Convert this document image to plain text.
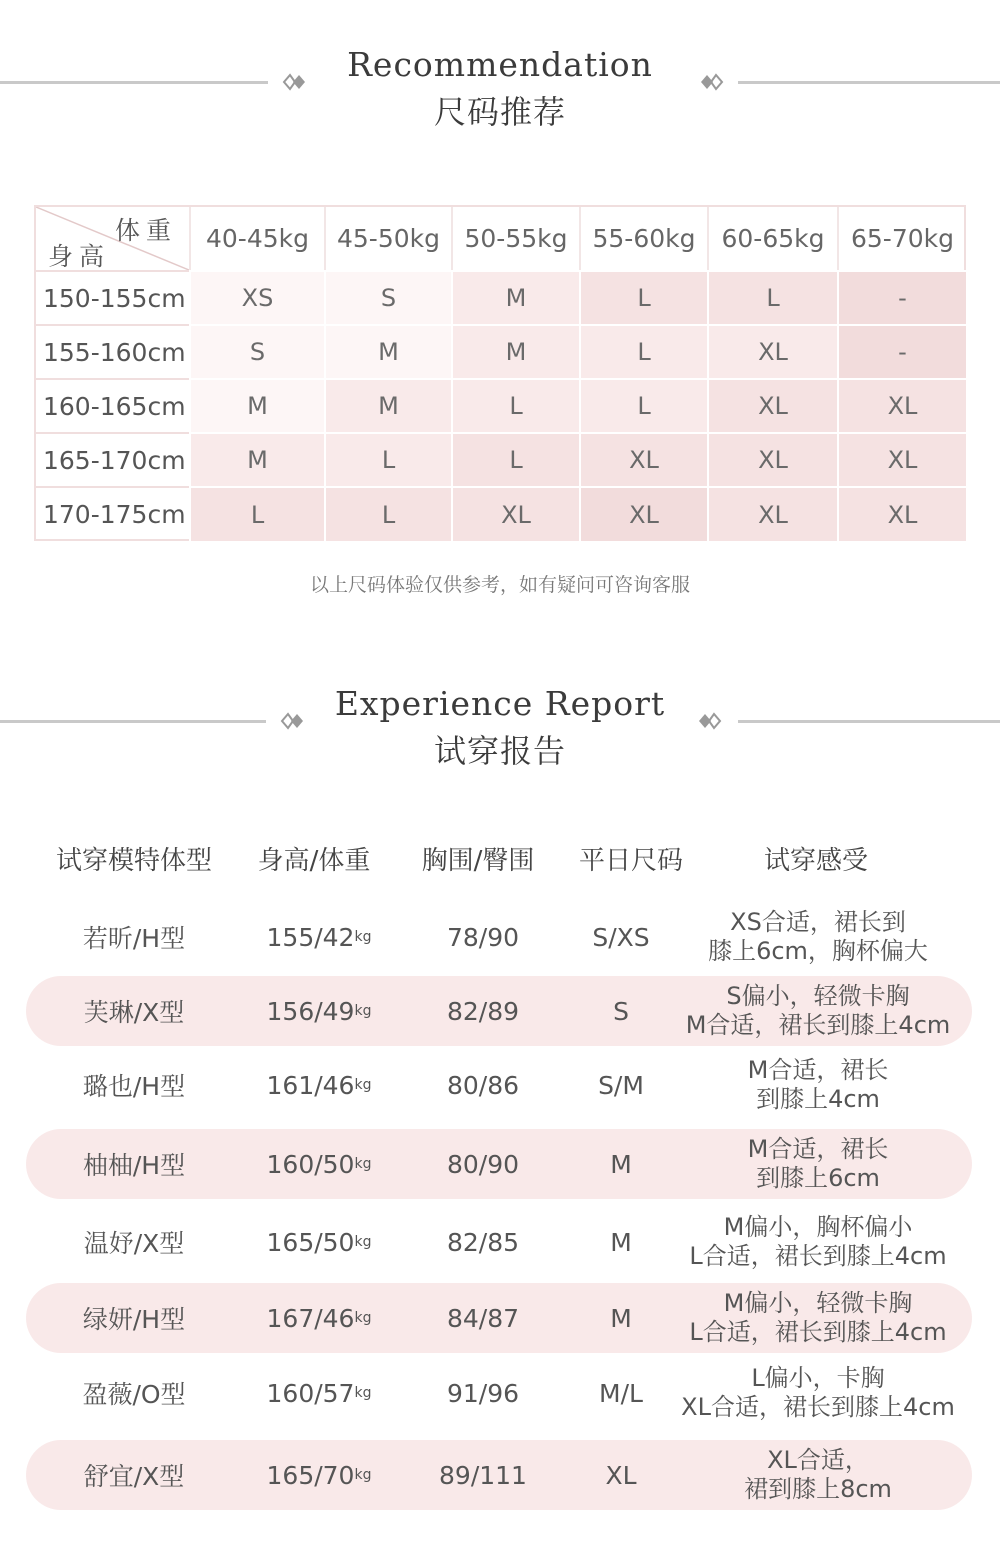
Recommendation
尺码推荐
体重
身高
40-45kg	45-50kg 50-55kg	55-60kg	60-65kg	65-70kg
150-155cm	XS	S	M	L	L	-
155-160cm	S	M	M	L	XL	-
160-165cm	M	M	L	L	XL	XL
165-170cm	M	L	L	XL	XL	XL
170-175cm	L	L	XL	XL	XL	XL
以上尺码体验仅供参考，如有疑问可咨询客服
Experience Report
试穿报告
试穿模特体型	身高/体重	胸围/臀围	平日尺码	试穿感受
若昕/H型	155/42 kg	78/90	S/XS
XS合适，裙长到
膝上6cm，胸杯偏大
芙琳/X型	156/49 kg	82/89	S
S偏小，轻微卡胸
M合适，裙长到膝上4cm
璐也/H型	161/46 kg	80/86	S/M
M合适，裙长
到膝上4cm
柚柚/H型	160/50 kg	80/90	M
M合适，裙长
到膝上6cm
温妤/X型	165/50 kg	82/85	M
M偏小，胸杯偏小
L合适，裙长到膝上4cm
绿妍/H型	167/46 kg	84/87	M
M偏小，轻微卡胸
L合适，裙长到膝上4cm
盈薇/O型	160/57 kg	91/96	M/L
L偏小，卡胸
XL合适，裙长到膝上4cm
舒宜/X型	165/70 kg	89/111	XL
XL合适，
裙到膝上8cm
